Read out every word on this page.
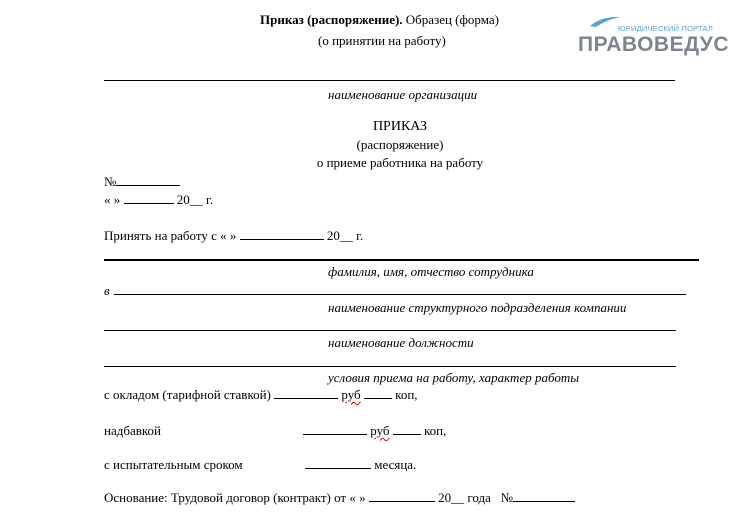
Приказ (распоряжение). Образец (форма)
(о принятии на работу)
ЮРИДИЧЕСКИЙ ПОРТАЛ
ПРАВОВЕДУС
наименование организации
ПРИКАЗ
(распоряжение)
о приеме работника на работу
№
« »	20__ г.
Принять на работу с « »	20__ г.
фамилия, имя, отчество сотрудника
в
наименование структурного подразделения компании
наименование должности
условия приема на работу, характер работы
с окладом (тарифной ставкой)	руб	коп,
надбавкой	руб	коп,
с испытательным сроком	месяца.
Основание: Трудовой договор (контракт) от « »	20__ года №
